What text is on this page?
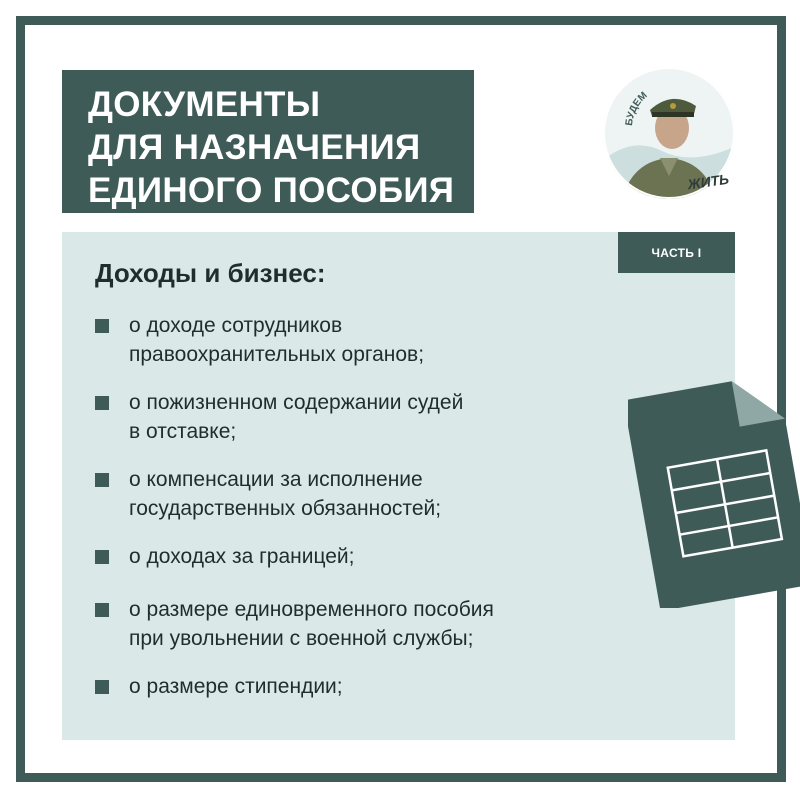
ДОКУМЕНТЫ
ДЛЯ НАЗНАЧЕНИЯ
ЕДИНОГО ПОСОБИЯ
БУДЕМ
ЖИТЬ
ЧАСТЬ I
Доходы и бизнес:
о доходе сотрудников
правоохранительных органов;
о пожизненном содержании судей
в отставке;
о компенсации за исполнение
государственных обязанностей;
о доходах за границей;
о размере единовременного пособия
при увольнении с военной службы;
о размере стипендии;
